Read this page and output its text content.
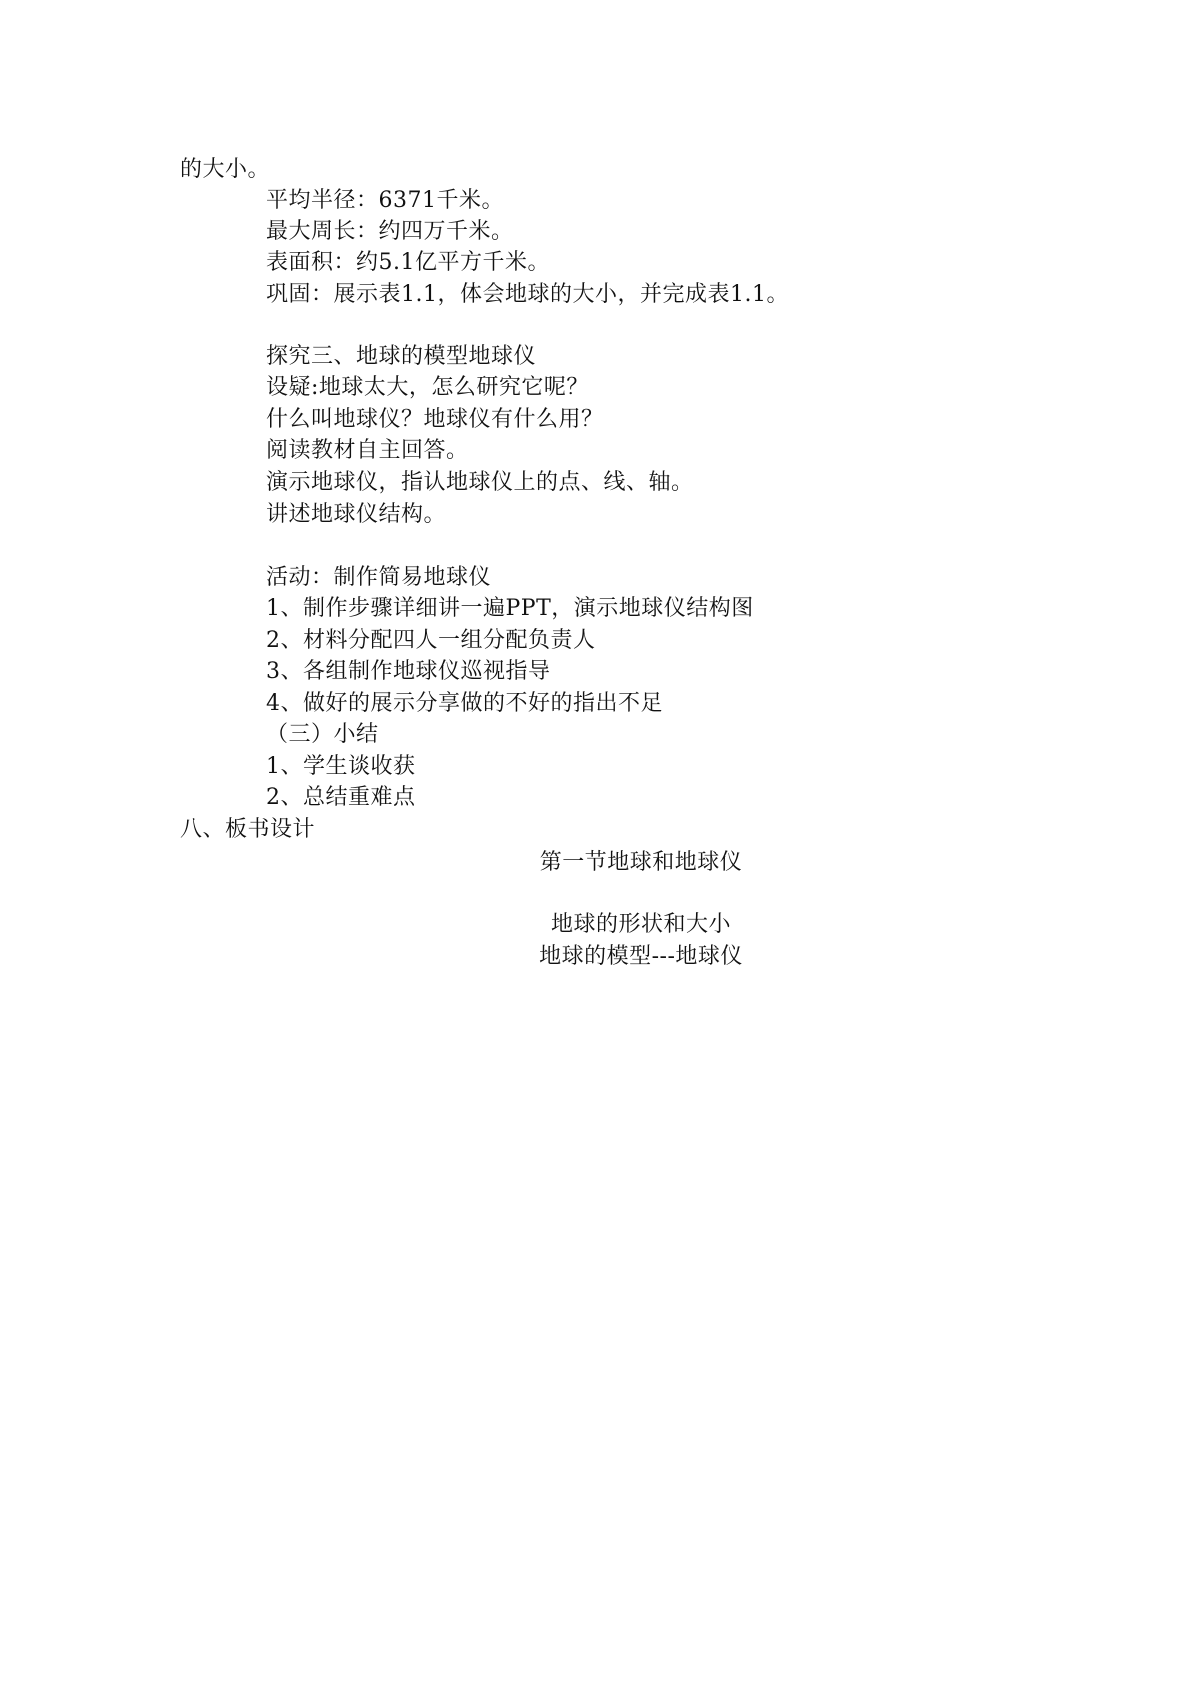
的大小。
平均半径：6371千米。
最大周长：约四万千米。
表面积：约5.1亿平方千米。
巩固：展示表1.1，体会地球的大小，并完成表1.1。
探究三、地球的模型地球仪
设疑:地球太大，怎么研究它呢？
什么叫地球仪？地球仪有什么用？
阅读教材自主回答。
演示地球仪，指认地球仪上的点、线、轴。
讲述地球仪结构。
活动：制作简易地球仪
1、制作步骤详细讲一遍PPT，演示地球仪结构图
2、材料分配四人一组分配负责人
3、各组制作地球仪巡视指导
4、做好的展示分享做的不好的指出不足
（三）小结
1、学生谈收获
2、总结重难点
八、板书设计
第一节地球和地球仪
地球的形状和大小
地球的模型---地球仪
